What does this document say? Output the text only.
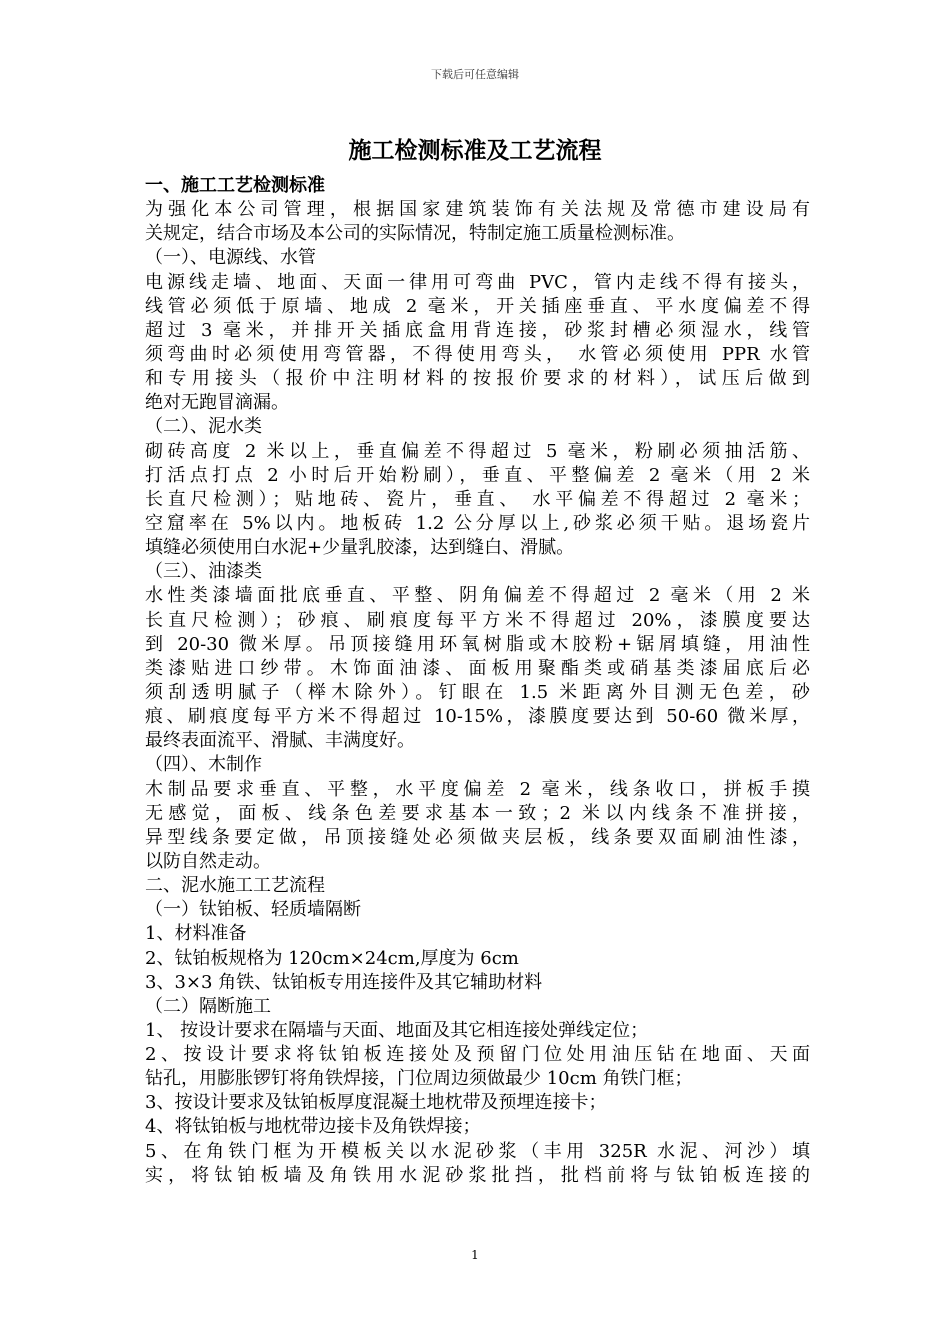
下载后可任意编辑
施工检测标准及工艺流程
一、施工工艺检测标准
为强化本公司管理，根据国家建筑装饰有关法规及常德市建设局有
关规定，结合市场及本公司的实际情况，特制定施工质量检测标准。
（一）、电源线、水管
电源线走墙、地面、天面一律用可弯曲 PVC，管内走线不得有接头，
线管必须低于原墙、地成 2 毫米，开关插座垂直、平水度偏差不得
超过 3 毫米，并排开关插底盒用背连接，砂浆封槽必须湿水，线管
须弯曲时必须使用弯管器，不得使用弯头， 水管必须使用 PPR 水管
和专用接头（报价中注明材料的按报价要求的材料），试压后做到
绝对无跑冒滴漏。
（二）、泥水类
砌砖高度 2 米以上，垂直偏差不得超过 5 毫米，粉刷必须抽活筋、
打活点打点 2 小时后开始粉刷），垂直、平整偏差 2 毫米（用 2 米
长直尺检测）；贴地砖、瓷片，垂直、 水平偏差不得超过 2 毫米；
空窟率在 5%以内。地板砖 1.2 公分厚以上,砂浆必须干贴。退场瓷片
填缝必须使用白水泥+少量乳胶漆，达到缝白、滑腻。
（三）、油漆类
水性类漆墙面批底垂直、平整、阴角偏差不得超过 2 毫米（用 2 米
长直尺检测）；砂痕、刷痕度每平方米不得超过 20%，漆膜度要达
到 20-30 微米厚。吊顶接缝用环氧树脂或木胶粉+锯屑填缝，用油性
类漆贴进口纱带。木饰面油漆、面板用聚酯类或硝基类漆届底后必
须刮透明腻子（榉木除外）。钉眼在 1.5 米距离外目测无色差，砂
痕、刷痕度每平方米不得超过 10-15%，漆膜度要达到 50-60 微米厚，
最终表面流平、滑腻、丰满度好。
（四）、木制作
木制品要求垂直、平整，水平度偏差 2 毫米，线条收口，拼板手摸
无感觉，面板、线条色差要求基本一致；2 米以内线条不准拼接，
异型线条要定做，吊顶接缝处必须做夹层板，线条要双面刷油性漆，
以防自然走动。
二、泥水施工工艺流程
（一）钛铂板、轻质墙隔断
1、材料准备
2、钛铂板规格为 120cm×24cm,厚度为 6cm
3、3×3 角铁、钛铂板专用连接件及其它辅助材料
（二）隔断施工
1、 按设计要求在隔墙与天面、地面及其它相连接处弹线定位；
2、按设计要求将钛铂板连接处及预留门位处用油压钻在地面、天面
钻孔，用膨胀锣钉将角铁焊接，门位周边须做最少 10cm 角铁门框；
3、按设计要求及钛铂板厚度混凝土地枕带及预埋连接卡；
4、将钛铂板与地枕带边接卡及角铁焊接；
5、在角铁门框为开模板关以水泥砂浆（丰用 325R 水泥、河沙）填
实，将钛铂板墙及角铁用水泥砂浆批挡，批档前将与钛铂板连接的
1
